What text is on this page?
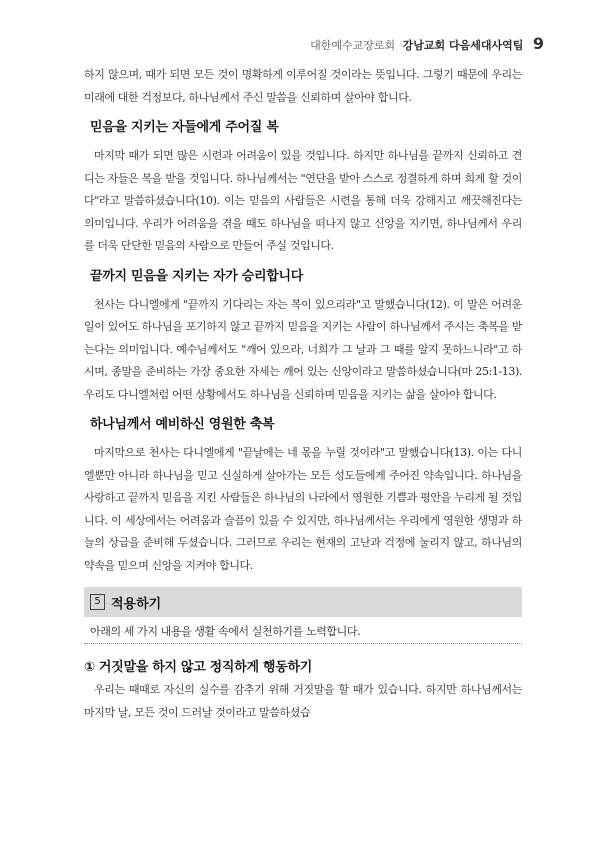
대한예수교장로회 강남교회 다음세대사역팀 9

하지 않으며, 때가 되면 모든 것이 명확하게 이루어질 것이라는 뜻입니다. 그렇기 때문에 우리는 미래에 대한 걱정보다, 하나님께서 주신 말씀을 신뢰하며 살아야 합니다.

믿음을 지키는 자들에게 주어질 복

마지막 때가 되면 많은 시련과 어려움이 있을 것입니다. 하지만 하나님을 끝까지 신뢰하고 견디는 자들은 복을 받을 것입니다. 하나님께서는 "연단을 받아 스스로 정결하게 하며 희게 할 것이다"라고 말씀하셨습니다(10). 이는 믿음의 사람들은 시련을 통해 더욱 강해지고 깨끗해진다는 의미입니다. 우리가 어려움을 겪을 때도 하나님을 떠나지 않고 신앙을 지키면, 하나님께서 우리를 더욱 단단한 믿음의 사람으로 만들어 주실 것입니다.

끝까지 믿음을 지키는 자가 승리합니다

천사는 다니엘에게 "끝까지 기다리는 자는 복이 있으리라"고 말했습니다(12). 이 말은 어려운 일이 있어도 하나님을 포기하지 않고 끝까지 믿음을 지키는 사람이 하나님께서 주시는 축복을 받는다는 의미입니다. 예수님께서도 "깨어 있으라, 너희가 그 날과 그 때를 알지 못하느니라"고 하시며, 종말을 준비하는 가장 중요한 자세는 깨어 있는 신앙이라고 말씀하셨습니다(마 25:1-13). 우리도 다니엘처럼 어떤 상황에서도 하나님을 신뢰하며 믿음을 지키는 삶을 살아야 합니다.

하나님께서 예비하신 영원한 축복

마지막으로 천사는 다니엘에게 "끝날에는 네 몫을 누릴 것이라"고 말했습니다(13). 이는 다니엘뿐만 아니라 하나님을 믿고 신실하게 살아가는 모든 성도들에게 주어진 약속입니다. 하나님을 사랑하고 끝까지 믿음을 지킨 사람들은 하나님의 나라에서 영원한 기쁨과 평안을 누리게 될 것입니다. 이 세상에서는 어려움과 슬픔이 있을 수 있지만, 하나님께서는 우리에게 영원한 생명과 하늘의 상급을 준비해 두셨습니다. 그러므로 우리는 현재의 고난과 걱정에 눌리지 않고, 하나님의 약속을 믿으며 신앙을 지켜야 합니다.

5 적용하기
아래의 세 가지 내용을 생활 속에서 실천하기를 노력합니다.
① 거짓말을 하지 않고 정직하게 행동하기

우리는 때때로 자신의 실수를 감추기 위해 거짓말을 할 때가 있습니다. 하지만 하나님께서는 마지막 날, 모든 것이 드러날 것이라고 말씀하셨습
